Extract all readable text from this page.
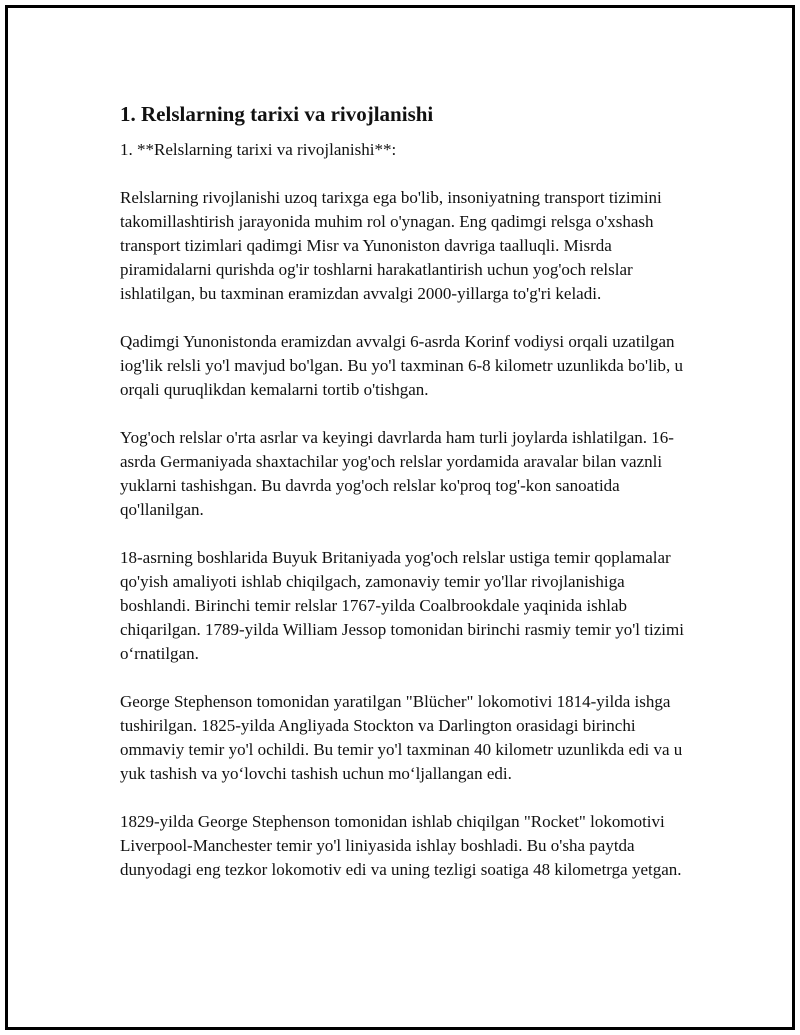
1. Relslarning tarixi va rivojlanishi
1. **Relslarning tarixi va rivojlanishi**:

Relslarning rivojlanishi uzoq tarixga ega bo'lib, insoniyatning transport tizimini takomillashtirish jarayonida muhim rol o'ynagan. Eng qadimgi relsga o'xshash transport tizimlari qadimgi Misr va Yunoniston davriga taalluqli. Misrda piramidalarni qurishda og'ir toshlarni harakatlantirish uchun yog'och relslar ishlatilgan, bu taxminan eramizdan avvalgi 2000-yillarga to'g'ri keladi.

Qadimgi Yunonistonda eramizdan avvalgi 6-asrda Korinf vodiysi orqali uzatilgan iog'lik relsli yo'l mavjud bo'lgan. Bu yo'l taxminan 6-8 kilometr uzunlikda bo'lib, u orqali quruqlikdan kemalarni tortib o'tishgan.

Yog'och relslar o'rta asrlar va keyingi davrlarda ham turli joylarda ishlatilgan. 16-asrda Germaniyada shaxtachilar yog'och relslar yordamida aravalar bilan vaznli yuklarni tashishgan. Bu davrda yog'och relslar ko'proq tog'-kon sanoatida qo'llanilgan.

18-asrning boshlarida Buyuk Britaniyada yog'och relslar ustiga temir qoplamalar qo'yish amaliyoti ishlab chiqilgach, zamonaviy temir yo'llar rivojlanishiga boshlandi. Birinchi temir relslar 1767-yilda Coalbrookdale yaqinida ishlab chiqarilgan. 1789-yilda William Jessop tomonidan birinchi rasmiy temir yo'l tizimi o‘rnatilgan.

George Stephenson tomonidan yaratilgan "Blücher" lokomotivi 1814-yilda ishga tushirilgan. 1825-yilda Angliyada Stockton va Darlington orasidagi birinchi ommaviy temir yo'l ochildi. Bu temir yo'l taxminan 40 kilometr uzunlikda edi va u yuk tashish va yo‘lovchi tashish uchun mo‘ljallangan edi.

1829-yilda George Stephenson tomonidan ishlab chiqilgan "Rocket" lokomotivi Liverpool-Manchester temir yo'l liniyasida ishlay boshladi. Bu o'sha paytda dunyodagi eng tezkor lokomotiv edi va uning tezligi soatiga 48 kilometrga yetgan.
